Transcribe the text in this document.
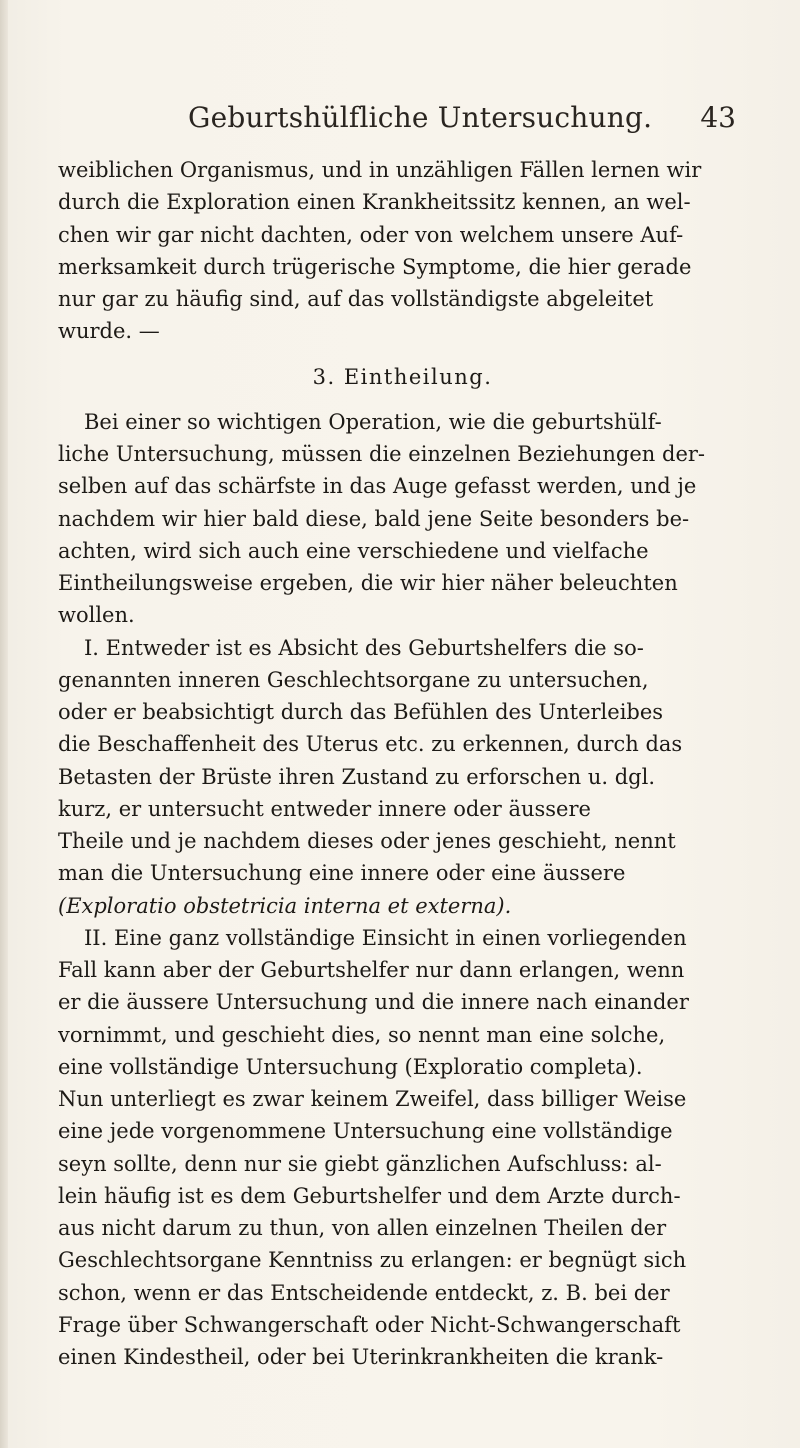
Geburtshülfliche Untersuchung.	43
weiblichen Organismus, und in unzähligen Fällen lernen wir
durch die Exploration einen Krankheitssitz kennen, an wel-
chen wir gar nicht dachten, oder von welchem unsere Auf-
merksamkeit durch trügerische Symptome, die hier gerade
nur gar zu häufig sind, auf das vollständigste abgeleitet
wurde. —
3. Eintheilung.
Bei einer so wichtigen Operation, wie die geburtshülf-
liche Untersuchung, müssen die einzelnen Beziehungen der-
selben auf das schärfste in das Auge gefasst werden, und je
nachdem wir hier bald diese, bald jene Seite besonders be-
achten, wird sich auch eine verschiedene und vielfache
Eintheilungsweise ergeben, die wir hier näher beleuchten
wollen.
I. Entweder ist es Absicht des Geburtshelfers die so-
genannten inneren Geschlechtsorgane zu untersuchen,
oder er beabsichtigt durch das Befühlen des Unterleibes
die Beschaffenheit des Uterus etc. zu erkennen, durch das
Betasten der Brüste ihren Zustand zu erforschen u. dgl.
kurz, er untersucht entweder innere oder äussere
Theile und je nachdem dieses oder jenes geschieht, nennt
man die Untersuchung eine innere oder eine äussere
(Exploratio obstetricia interna et externa).
II. Eine ganz vollständige Einsicht in einen vorliegenden
Fall kann aber der Geburtshelfer nur dann erlangen, wenn
er die äussere Untersuchung und die innere nach einander
vornimmt, und geschieht dies, so nennt man eine solche,
eine vollständige Untersuchung (Exploratio completa).
Nun unterliegt es zwar keinem Zweifel, dass billiger Weise
eine jede vorgenommene Untersuchung eine vollständige
seyn sollte, denn nur sie giebt gänzlichen Aufschluss: al-
lein häufig ist es dem Geburtshelfer und dem Arzte durch-
aus nicht darum zu thun, von allen einzelnen Theilen der
Geschlechtsorgane Kenntniss zu erlangen: er begnügt sich
schon, wenn er das Entscheidende entdeckt, z. B. bei der
Frage über Schwangerschaft oder Nicht-Schwangerschaft
einen Kindestheil, oder bei Uterinkrankheiten die krank-
